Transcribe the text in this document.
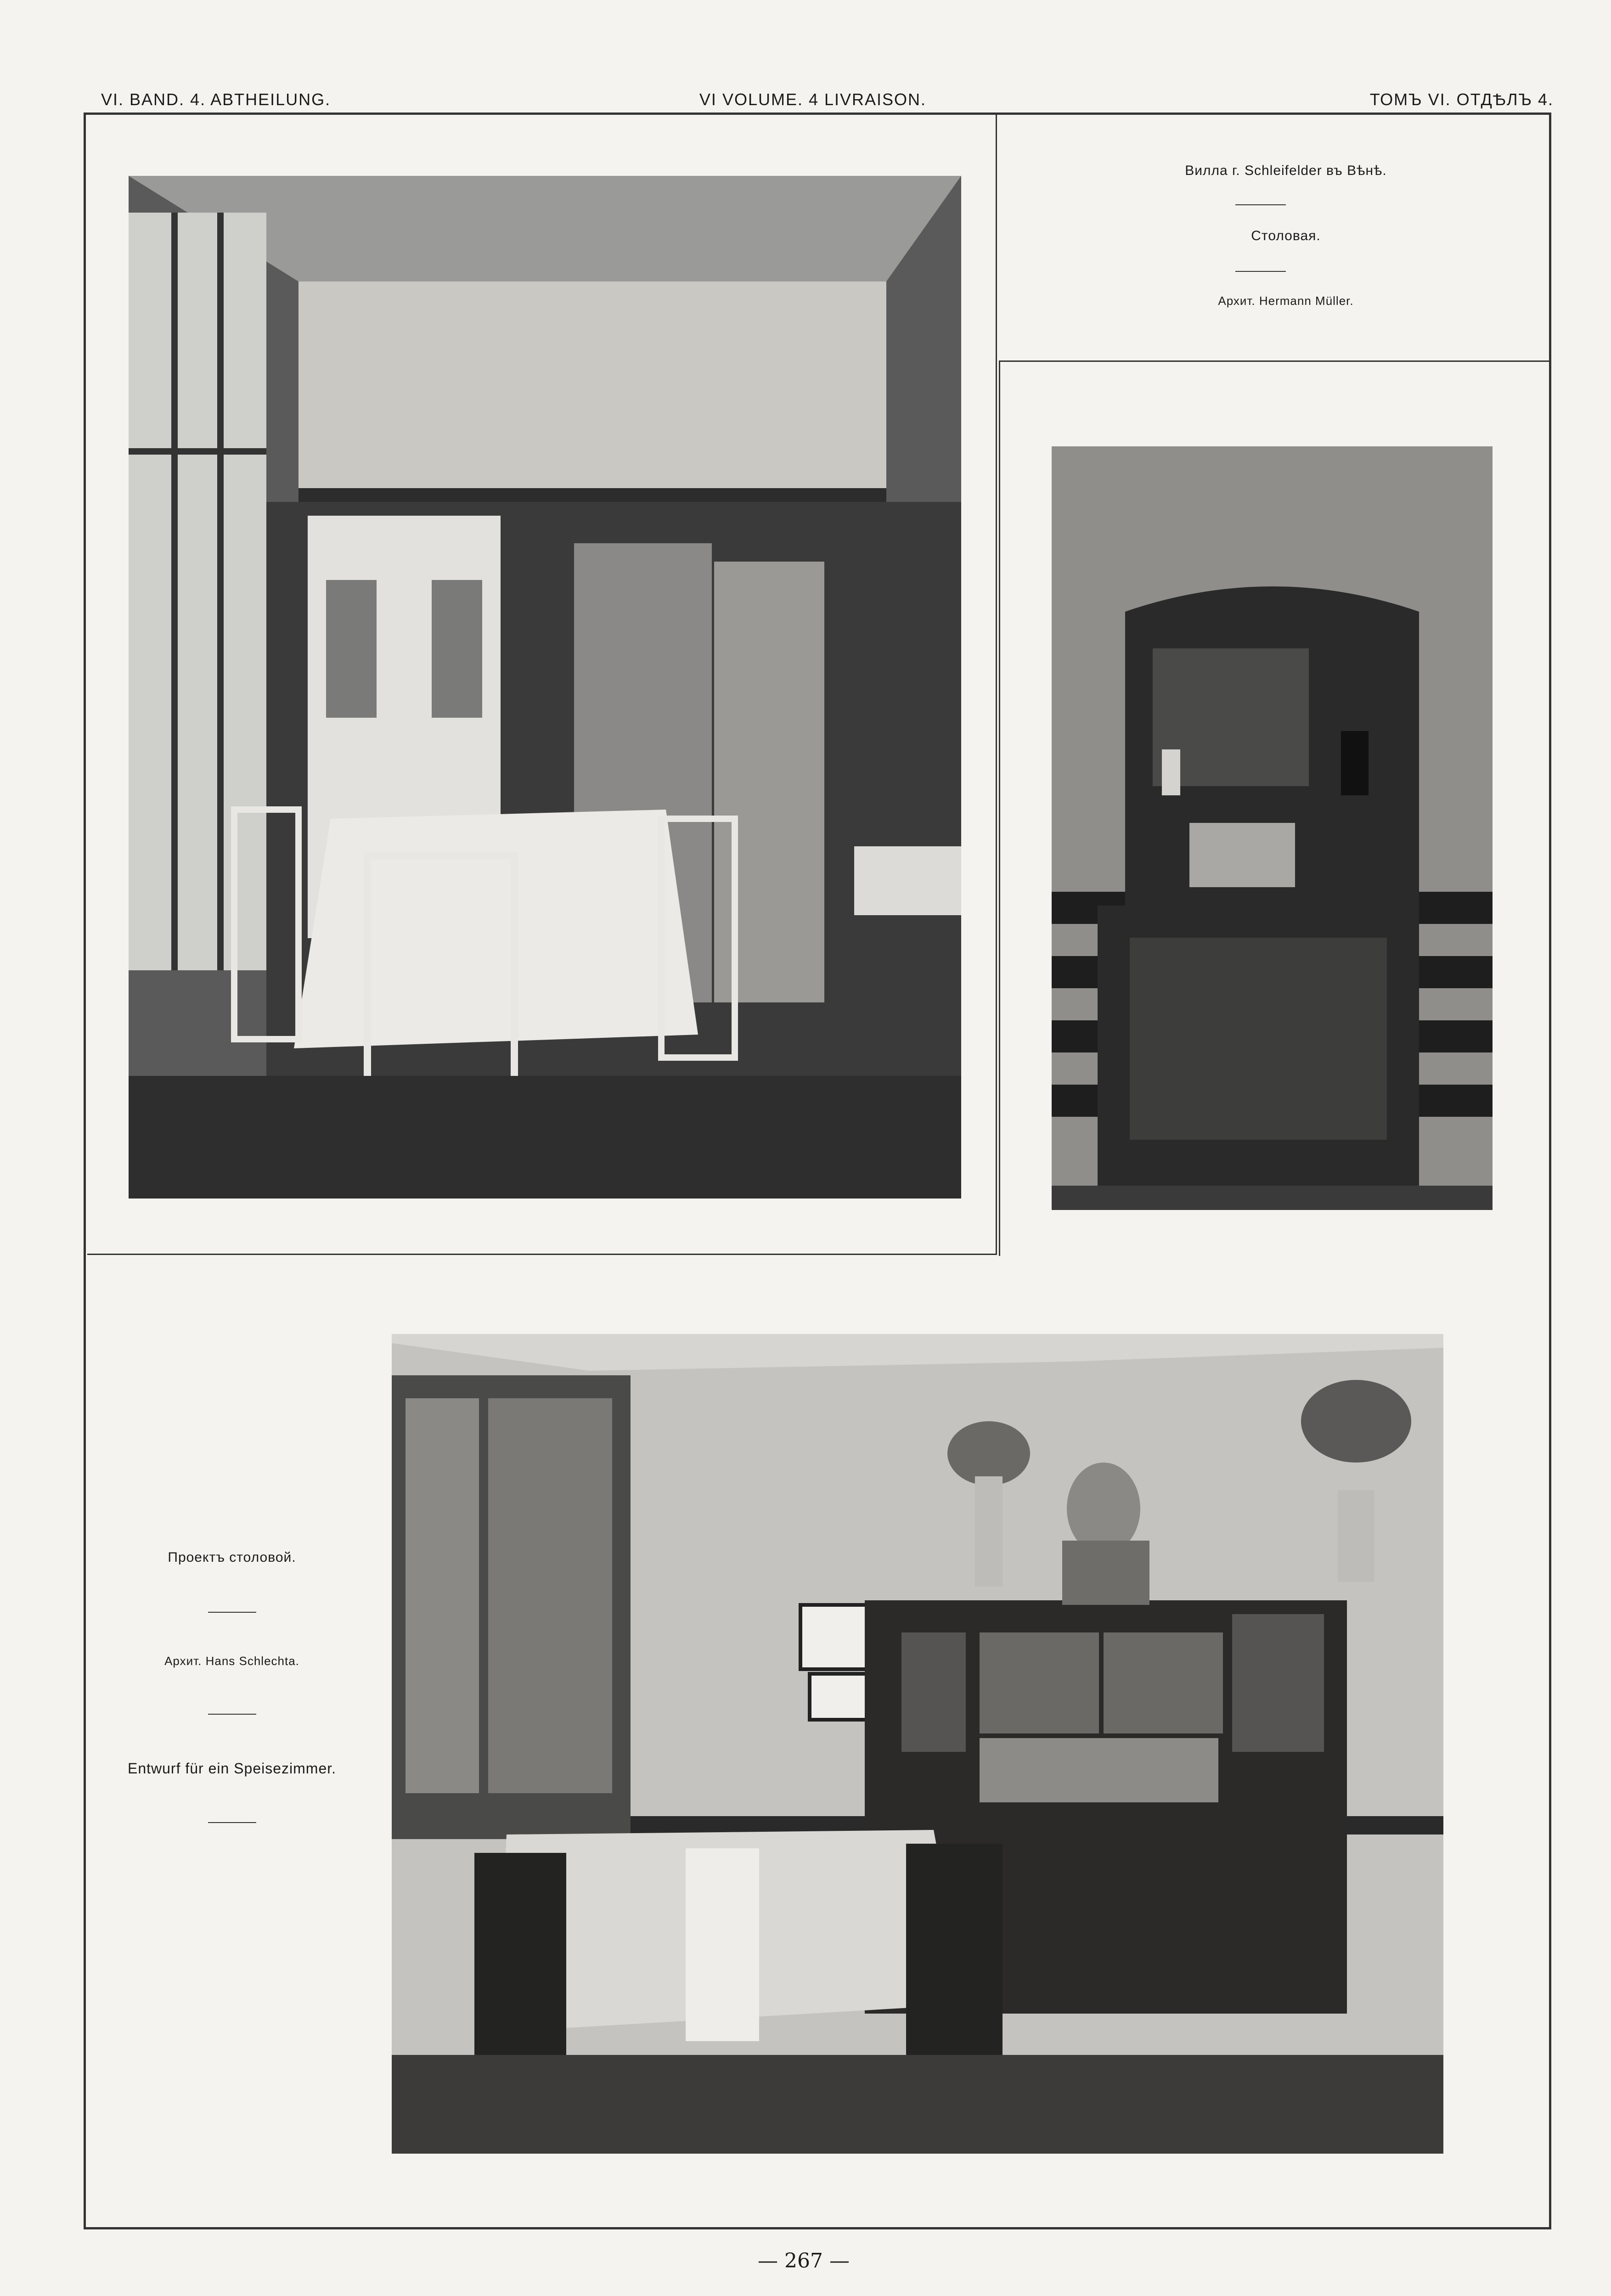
VI. BAND. 4. ABTHEILUNG.	VI VOLUME. 4 LIVRAISON.	ТОМЪ VI. ОТДѢЛЪ 4.
Вилла г. Schleifelder въ Вѣнѣ.
Столовая.
Архит. Hermann Müller.
Проектъ столовой.
Архит. Hans Schlechta.
Entwurf für ein Speisezimmer.
— 267 —
